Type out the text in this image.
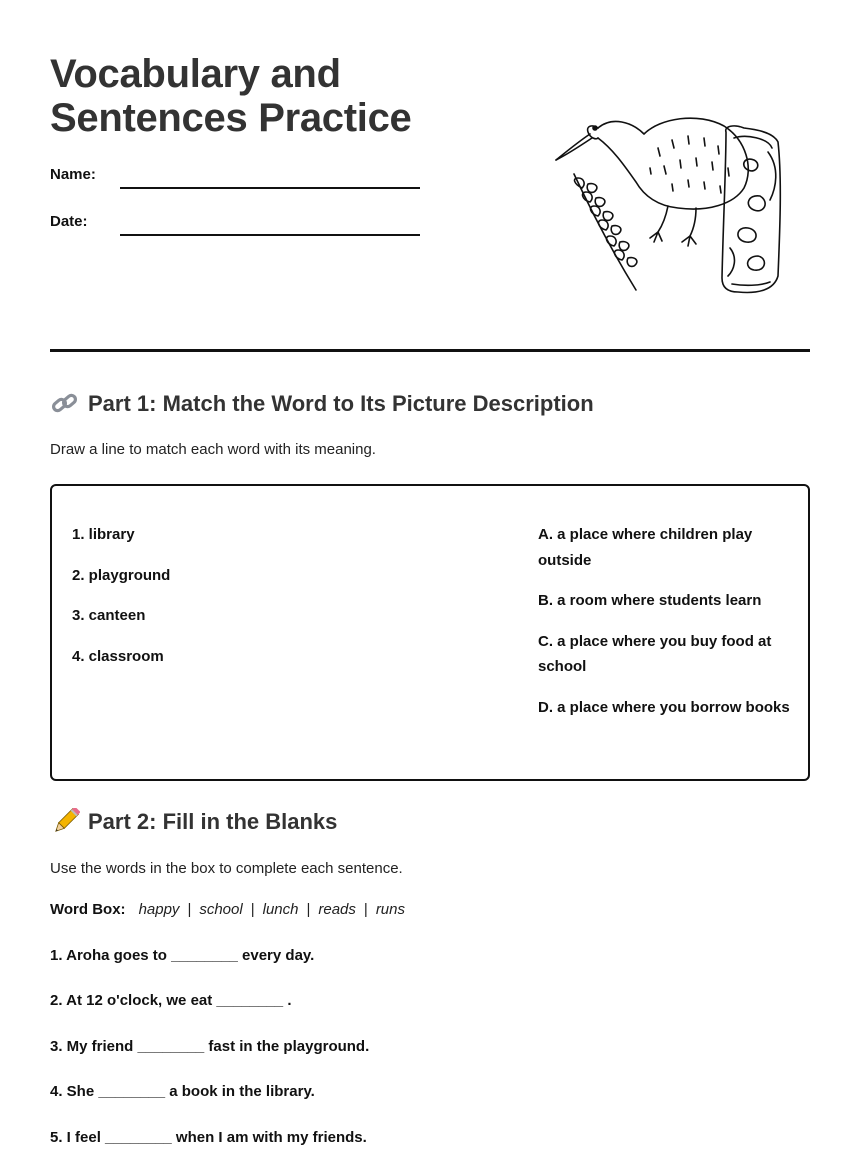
Vocabulary and Sentences Practice
Name:
Date:
Part 1: Match the Word to Its Picture Description
Draw a line to match each word with its meaning.
1. library
2. playground
3. canteen
4. classroom
A. a place where children play outside
B. a room where students learn
C. a place where you buy food at school
D. a place where you borrow books
Part 2: Fill in the Blanks
Use the words in the box to complete each sentence.
Word Box: happy | school | lunch | reads | runs
1. Aroha goes to ________ every day.
2. At 12 o'clock, we eat ________ .
3. My friend ________ fast in the playground.
4. She ________ a book in the library.
5. I feel ________ when I am with my friends.
